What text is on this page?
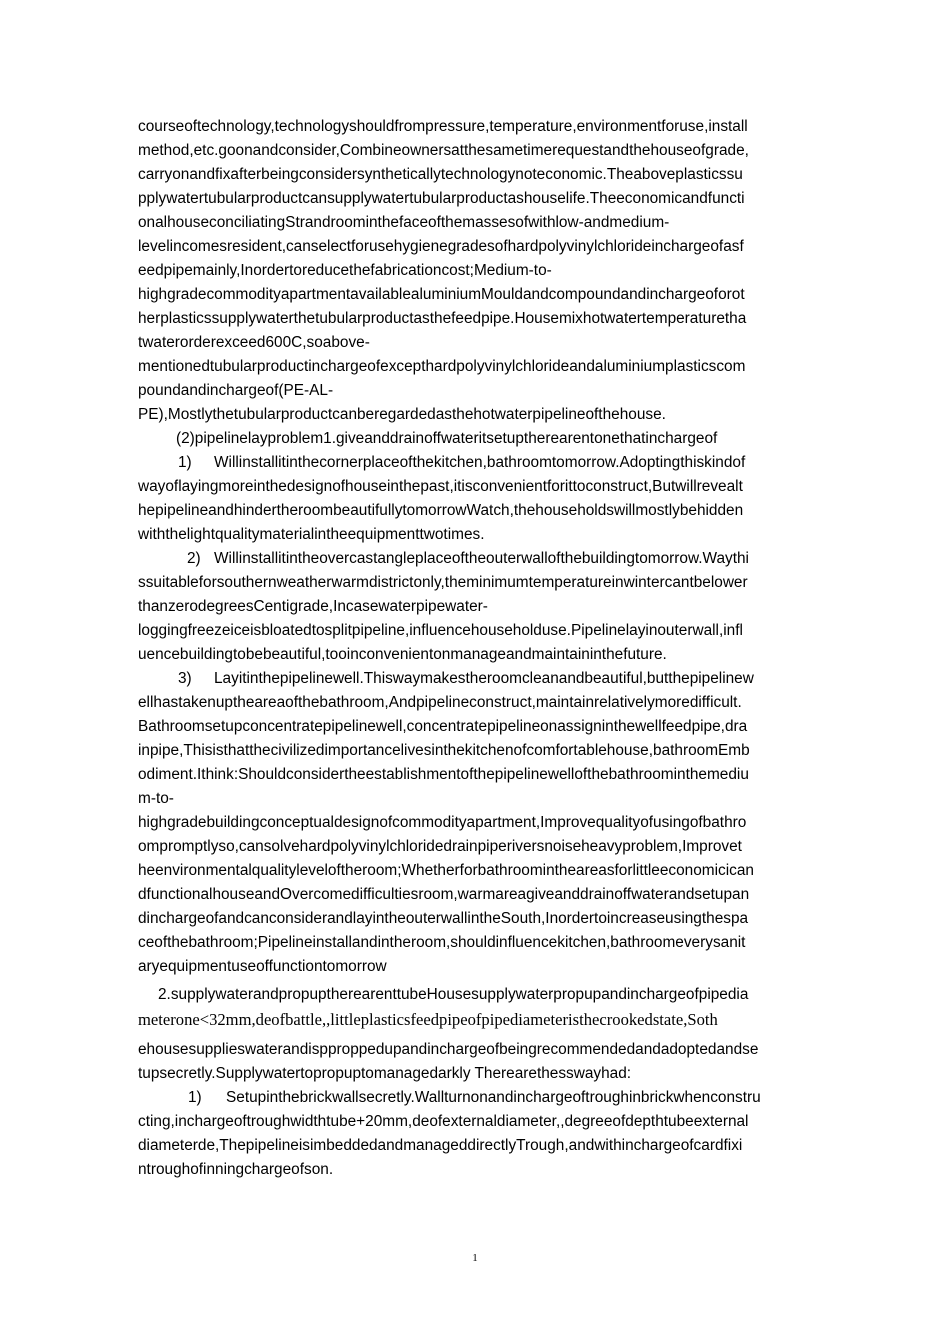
courseoftechnology,technologyshouldfrompressure,temperature,environmentforuse,install
method,etc.goonandconsider,Combineownersatthesametimerequestandthehouseofgrade,
carryonandfixafterbeingconsidersyntheticallytechnologynoteconomic.Theaboveplasticssu
pplywatertubularproductcansupplywatertubularproductashouselife.Theeconomicandfuncti
onalhouseconciliatingStrandroominthefaceofthemassesofwithlow-andmedium-
levelincomesresident,canselectforusehygienegradesofhardpolyvinylchlorideinchargeofasf
eedpipemainly,Inordertoreducethefabricationcost;Medium-to-
highgradecommodityapartmentavailablealuminiumMouldandcompoundandinchargeoforot
herplasticssupplywaterthetubularproductasthefeedpipe.Housemixhotwatertemperaturetha
twaterorderexceed600C,soabove-
mentionedtubularproductinchargeofexcepthardpolyvinylchlorideandaluminiumplasticscom
poundandinchargeof(PE-AL-
PE),Mostlythetubularproductcanberegardedasthehotwaterpipelineofthehouse.
(2)pipelinelayproblem1.giveanddrainoffwateritsetuptherearentonethatinchargeof
1) Willinstallitinthecornerplaceofthekitchen,bathroomtomorrow.Adoptingthiskindof
wayoflayingmoreinthedesignofhouseinthepast,itisconvenientforittoconstruct,Butwillrevealt
hepipelineandhindertheroombeautifullytomorrowWatch,thehouseholdswillmostlybehidden
withthelightqualitymaterialintheequipmenttwotimes.
2) Willinstallitintheovercastangleplaceoftheouterwallofthebuildingtomorrow.Waythi
ssuitableforsouthernweatherwarmdistrictonly,theminimumtemperatureinwintercantbelower
thanzerodegreesCentigrade,Incasewaterpipewater-
loggingfreezeiceisbloatedtosplitpipeline,influencehouseholduse.Pipelinelayinouterwall,infl
uencebuildingtobebeautiful,tooinconvenientonmanageandmaintaininthefuture.
3) Layitinthepipelinewell.Thiswaymakestheroomcleanandbeautiful,butthepipelinew
ellhastakenuptheareaofthebathroom,Andpipelineconstruct,maintainrelativelymoredifficult.
Bathroomsetupconcentratepipelinewell,concentratepipelineonassigninthewellfeedpipe,dra
inpipe,Thisisthatthecivilizedimportancelivesinthekitchenofcomfortablehouse,bathroomEmb
odiment.Ithink:Shouldconsidertheestablishmentofthepipelinewellofthebathroominthemediu
m-to-
highgradebuildingconceptualdesignofcommodityapartment,Improvequalityofusingofbathro
ompromptlyso,cansolvehardpolyvinylchloridedrainpiperiversnoiseheavyproblem,Improvet
heenvironmentalqualityleveloftheroom;Whetherforbathroomintheareasforlittleeconomicican
dfunctionalhouseandOvercomedifficultiesroom,warmareagiveanddrainoffwaterandsetupan
dinchargeofandcanconsiderandlayintheouterwallintheSouth,Inordertoincreaseusingthespa
ceofthebathroom;Pipelineinstallandintheroom,shouldinfluencekitchen,bathroomeverysanit
aryequipmentuseoffunctiontomorrow
2.supplywaterandpropuptherearenttubeHousesupplywaterpropupandinchargeofpipedia
meterone<32mm,deofbattle,,littleplasticsfeedpipeofpipediameteristhecrookedstate,Soth
ehousesupplieswaterandispproppedupandinchargeofbeingrecommendedandadoptedandse
tupsecretly.Supplywatertopropuptomanagedarkly Therearethesswayhad:
1) Setupinthebrickwallsecretly.Wallturnonandinchargeoftroughinbrickwhenconstru
cting,inchargeoftroughwidthtube+20mm,deofexternaldiameter,,degreeofdepthtubeexternal
diameterde,ThepipelineisimbeddedandmanageddirectlyTrough,andwithinchargeofcardfixi
ntroughofinningchargeofson.
1
